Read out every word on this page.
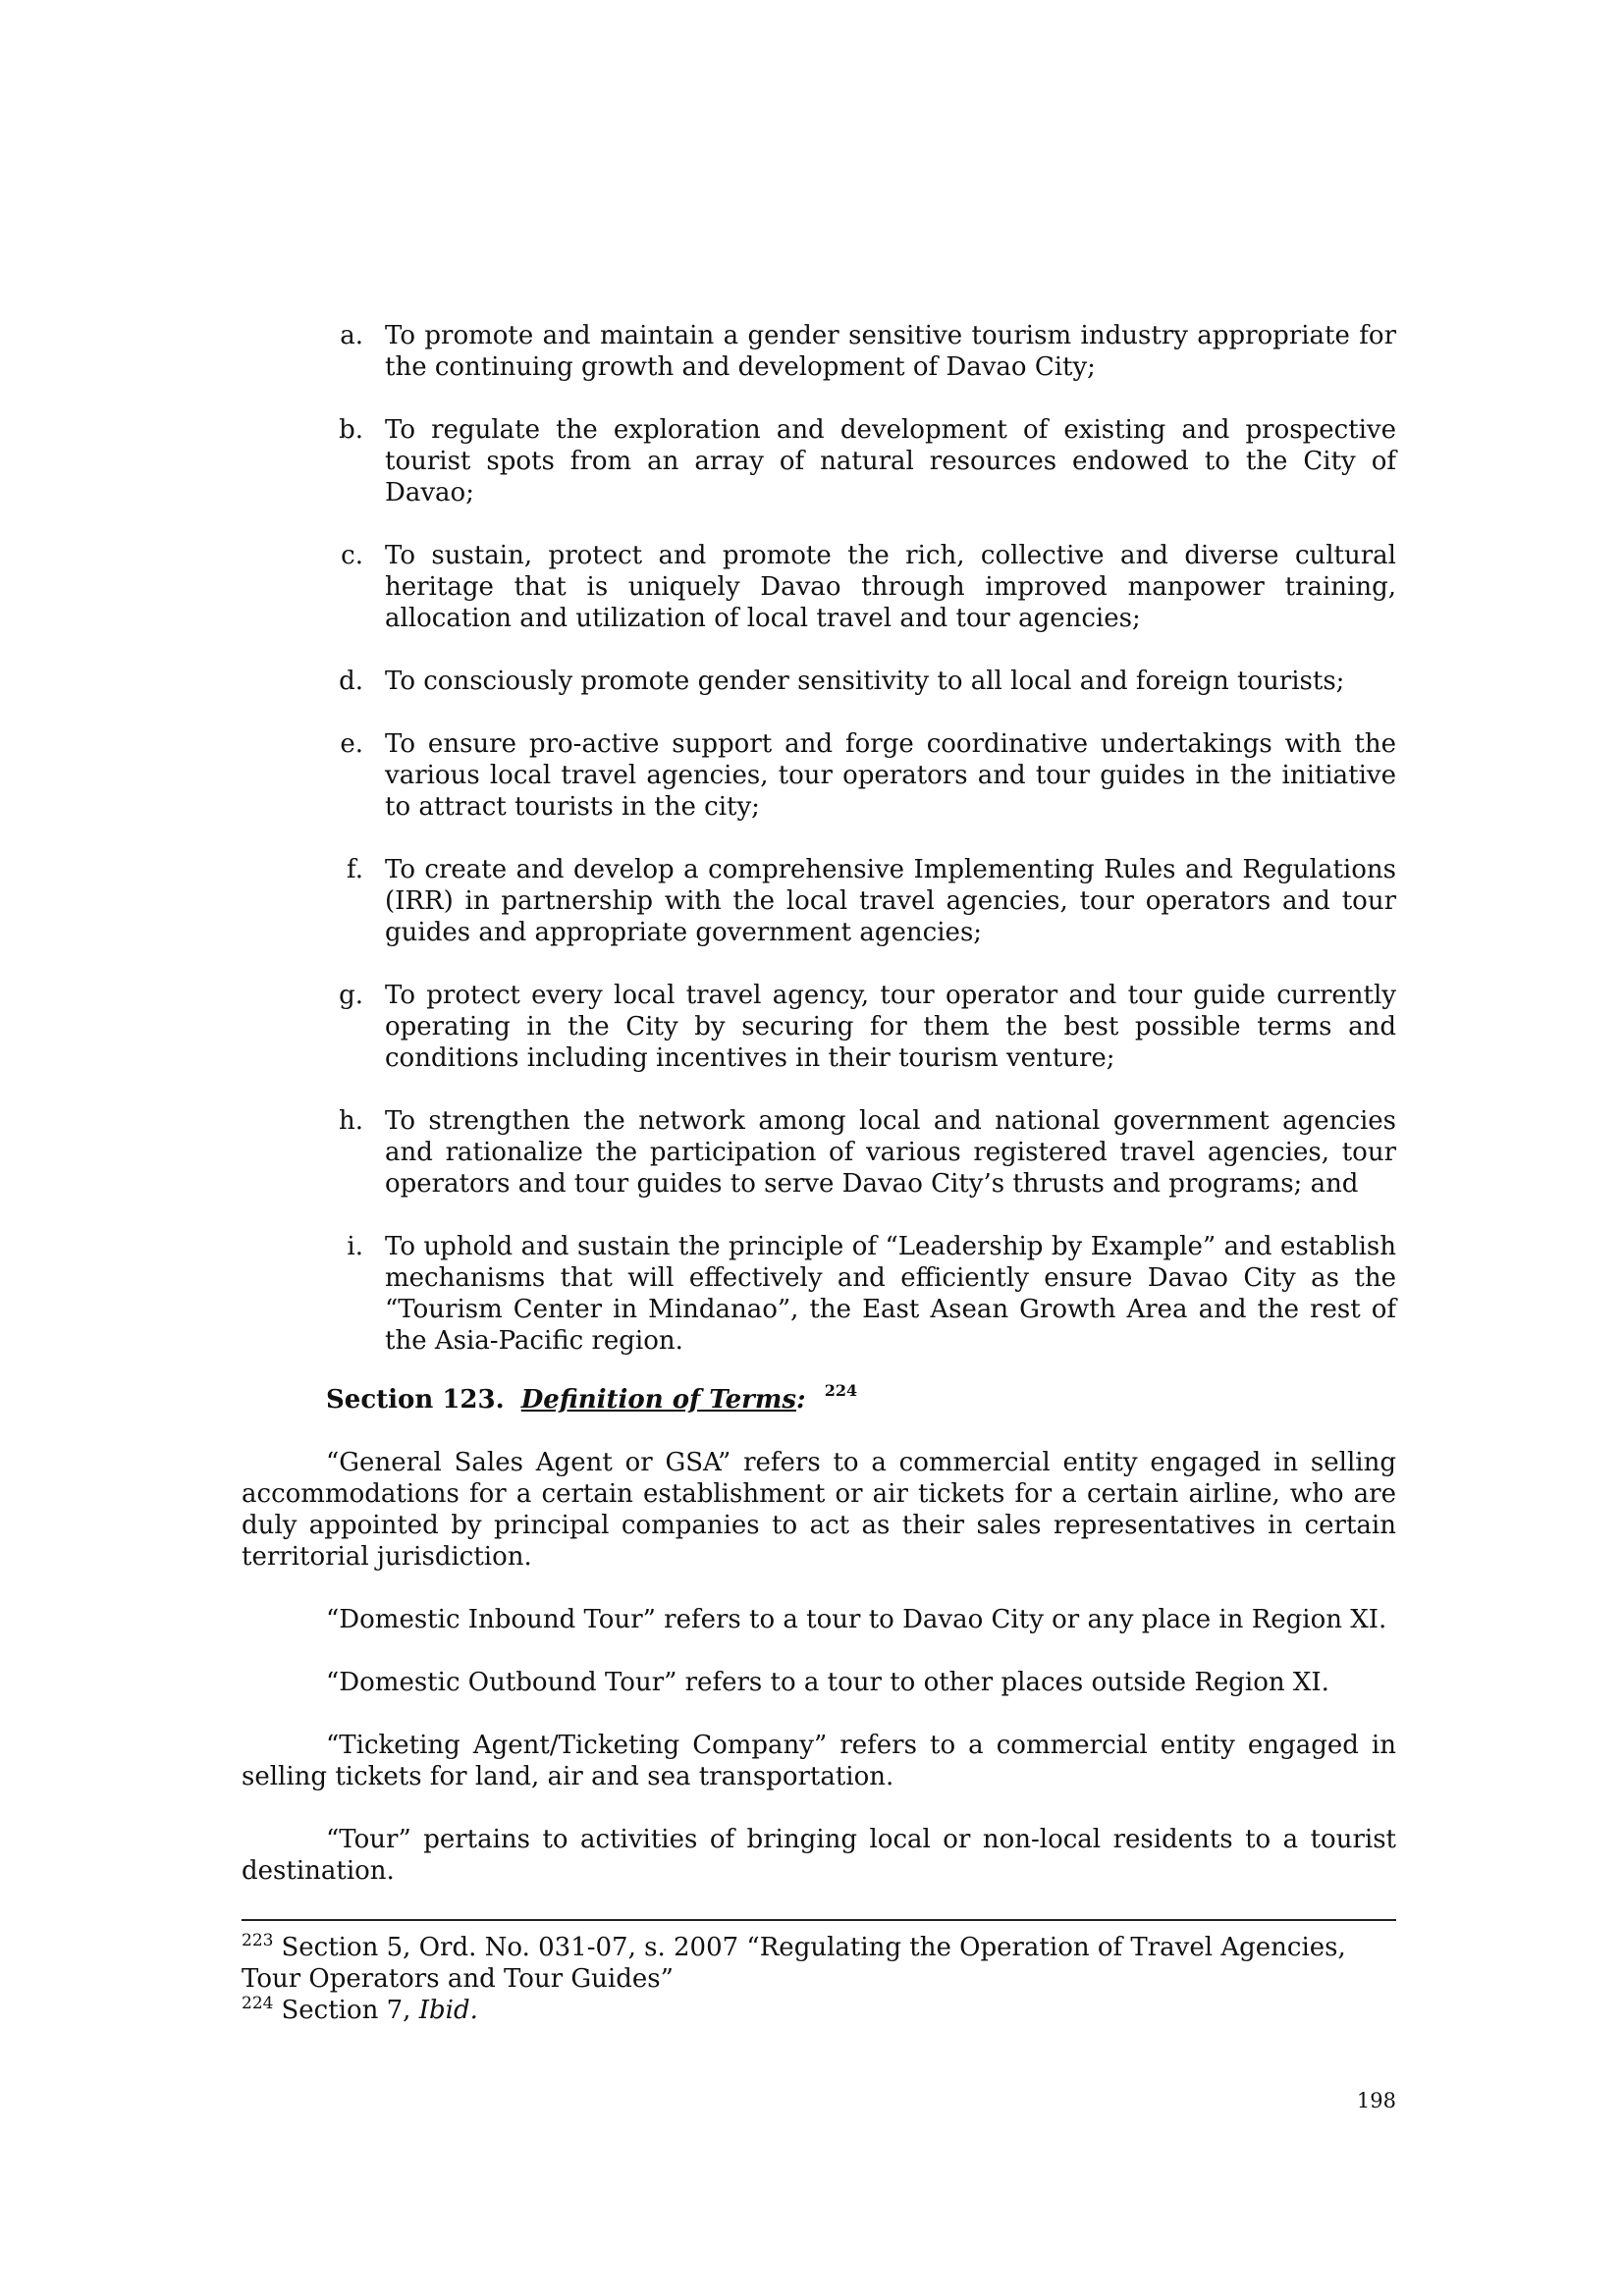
a. To promote and maintain a gender sensitive tourism industry appropriate for the continuing growth and development of Davao City;
b. To regulate the exploration and development of existing and prospective tourist spots from an array of natural resources endowed to the City of Davao;
c. To sustain, protect and promote the rich, collective and diverse cultural heritage that is uniquely Davao through improved manpower training, allocation and utilization of local travel and tour agencies;
d. To consciously promote gender sensitivity to all local and foreign tourists;
e. To ensure pro-active support and forge coordinative undertakings with the various local travel agencies, tour operators and tour guides in the initiative to attract tourists in the city;
f. To create and develop a comprehensive Implementing Rules and Regulations (IRR) in partnership with the local travel agencies, tour operators and tour guides and appropriate government agencies;
g. To protect every local travel agency, tour operator and tour guide currently operating in the City by securing for them the best possible terms and conditions including incentives in their tourism venture;
h. To strengthen the network among local and national government agencies and rationalize the participation of various registered travel agencies, tour operators and tour guides to serve Davao City’s thrusts and programs; and
i. To uphold and sustain the principle of “Leadership by Example” and establish mechanisms that will effectively and efficiently ensure Davao City as the “Tourism Center in Mindanao”, the East Asean Growth Area and the rest of the Asia-Pacific region.
Section 123. Definition of Terms: $^{224}$

“General Sales Agent or GSA” refers to a commercial entity engaged in selling accommodations for a certain establishment or air tickets for a certain airline, who are duly appointed by principal companies to act as their sales representatives in certain territorial jurisdiction.

“Domestic Inbound Tour” refers to a tour to Davao City or any place in Region XI.

“Domestic Outbound Tour” refers to a tour to other places outside Region XI.

“Ticketing Agent/Ticketing Company” refers to a commercial entity engaged in selling tickets for land, air and sea transportation.

“Tour” pertains to activities of bringing local or non-local residents to a tourist destination.

$^{223}$ Section 5, Ord. No. 031-07, s. 2007 “Regulating the Operation of Travel Agencies, Tour Operators and Tour Guides”

$^{224}$ Section 7, Ibid.

198
